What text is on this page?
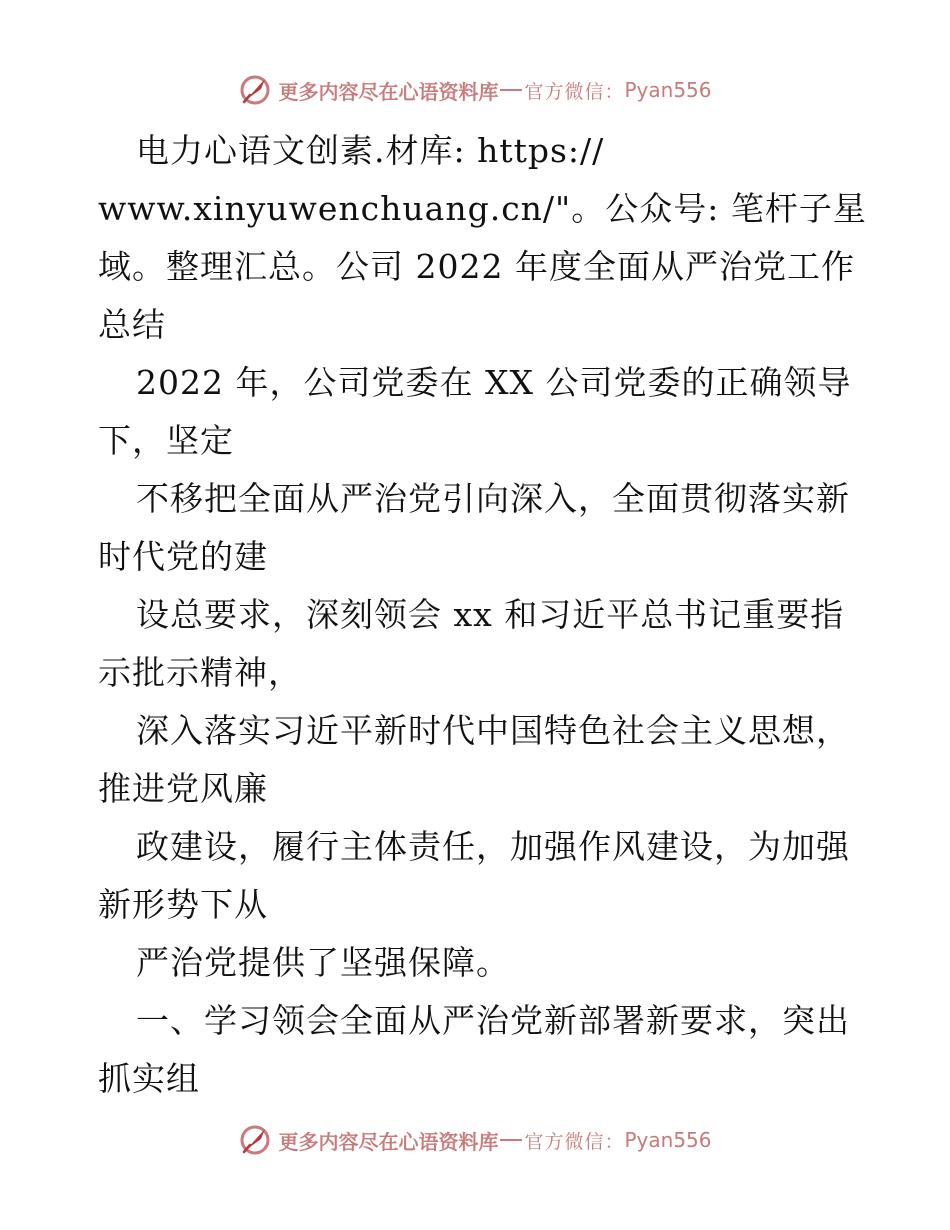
更多内容尽在心语资料库 官方微信： Pyan556
电力心语文创素.材库: https://
www.xinyuwenchuang.cn/"。公众号: 笔杆子星
域。整理汇总。公司 2022 年度全面从严治党工作
总结
2022 年，公司党委在 XX 公司党委的正确领导
下，坚定
不移把全面从严治党引向深入，全面贯彻落实新
时代党的建
设总要求，深刻领会 xx 和习近平总书记重要指
示批示精神，
深入落实习近平新时代中国特色社会主义思想，
推进党风廉
政建设，履行主体责任，加强作风建设，为加强
新形势下从
严治党提供了坚强保障。
一、学习领会全面从严治党新部署新要求，突出
抓实组
更多内容尽在心语资料库 官方微信： Pyan556
